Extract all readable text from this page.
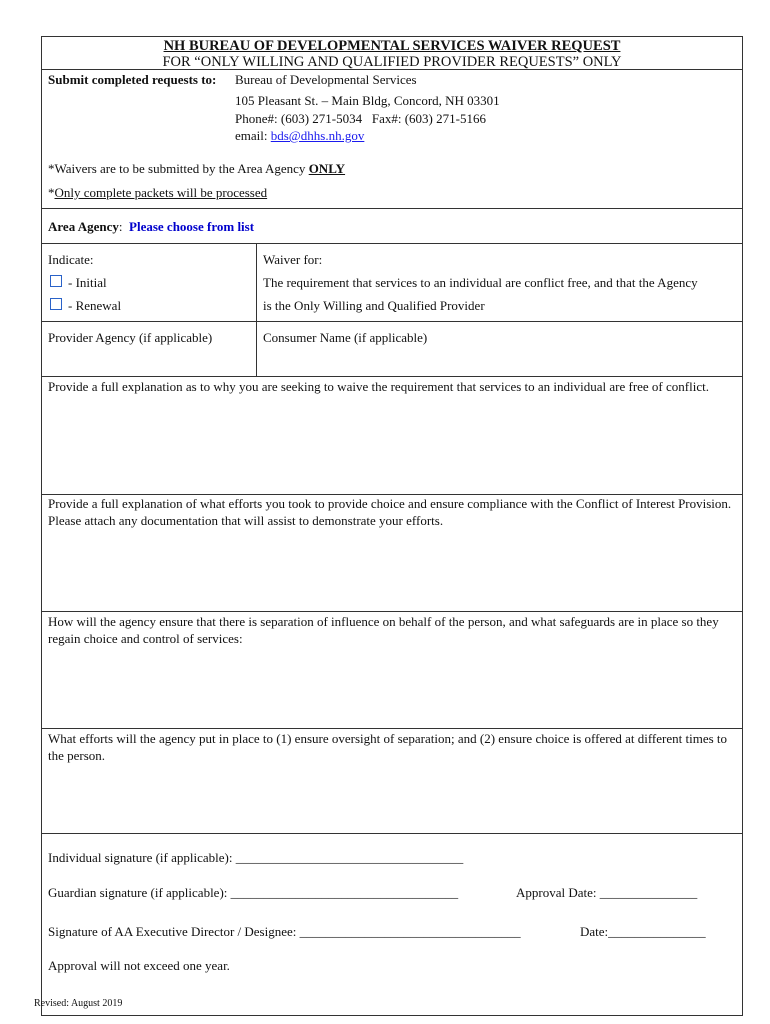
NH BUREAU OF DEVELOPMENTAL SERVICES WAIVER REQUEST
FOR “ONLY WILLING AND QUALIFIED PROVIDER REQUESTS” ONLY
Submit completed requests to: Bureau of Developmental Services
105 Pleasant St. – Main Bldg, Concord, NH 03301
Phone#: (603) 271-5034   Fax#: (603) 271-5166
email: bds@dhhs.nh.gov
*Waivers are to be submitted by the Area Agency ONLY
*Only complete packets will be processed
Area Agency: Please choose from list
Indicate:
- Initial
- Renewal
Waiver for:
The requirement that services to an individual are conflict free, and that the Agency
is the Only Willing and Qualified Provider
Provider Agency (if applicable)	Consumer Name (if applicable)
Provide a full explanation as to why you are seeking to waive the requirement that services to an individual are free of conflict.
Provide a full explanation of what efforts you took to provide choice and ensure compliance with the Conflict of Interest Provision. Please attach any documentation that will assist to demonstrate your efforts.
How will the agency ensure that there is separation of influence on behalf of the person, and what safeguards are in place so they regain choice and control of services:
What efforts will the agency put in place to (1) ensure oversight of separation; and (2) ensure choice is offered at different times to the person.
Individual signature (if applicable): ___________________________________
Guardian signature (if applicable): ___________________________________	Approval Date: _______________
Signature of AA Executive Director / Designee: __________________________________	Date:_______________
Approval will not exceed one year.
Revised: August 2019
